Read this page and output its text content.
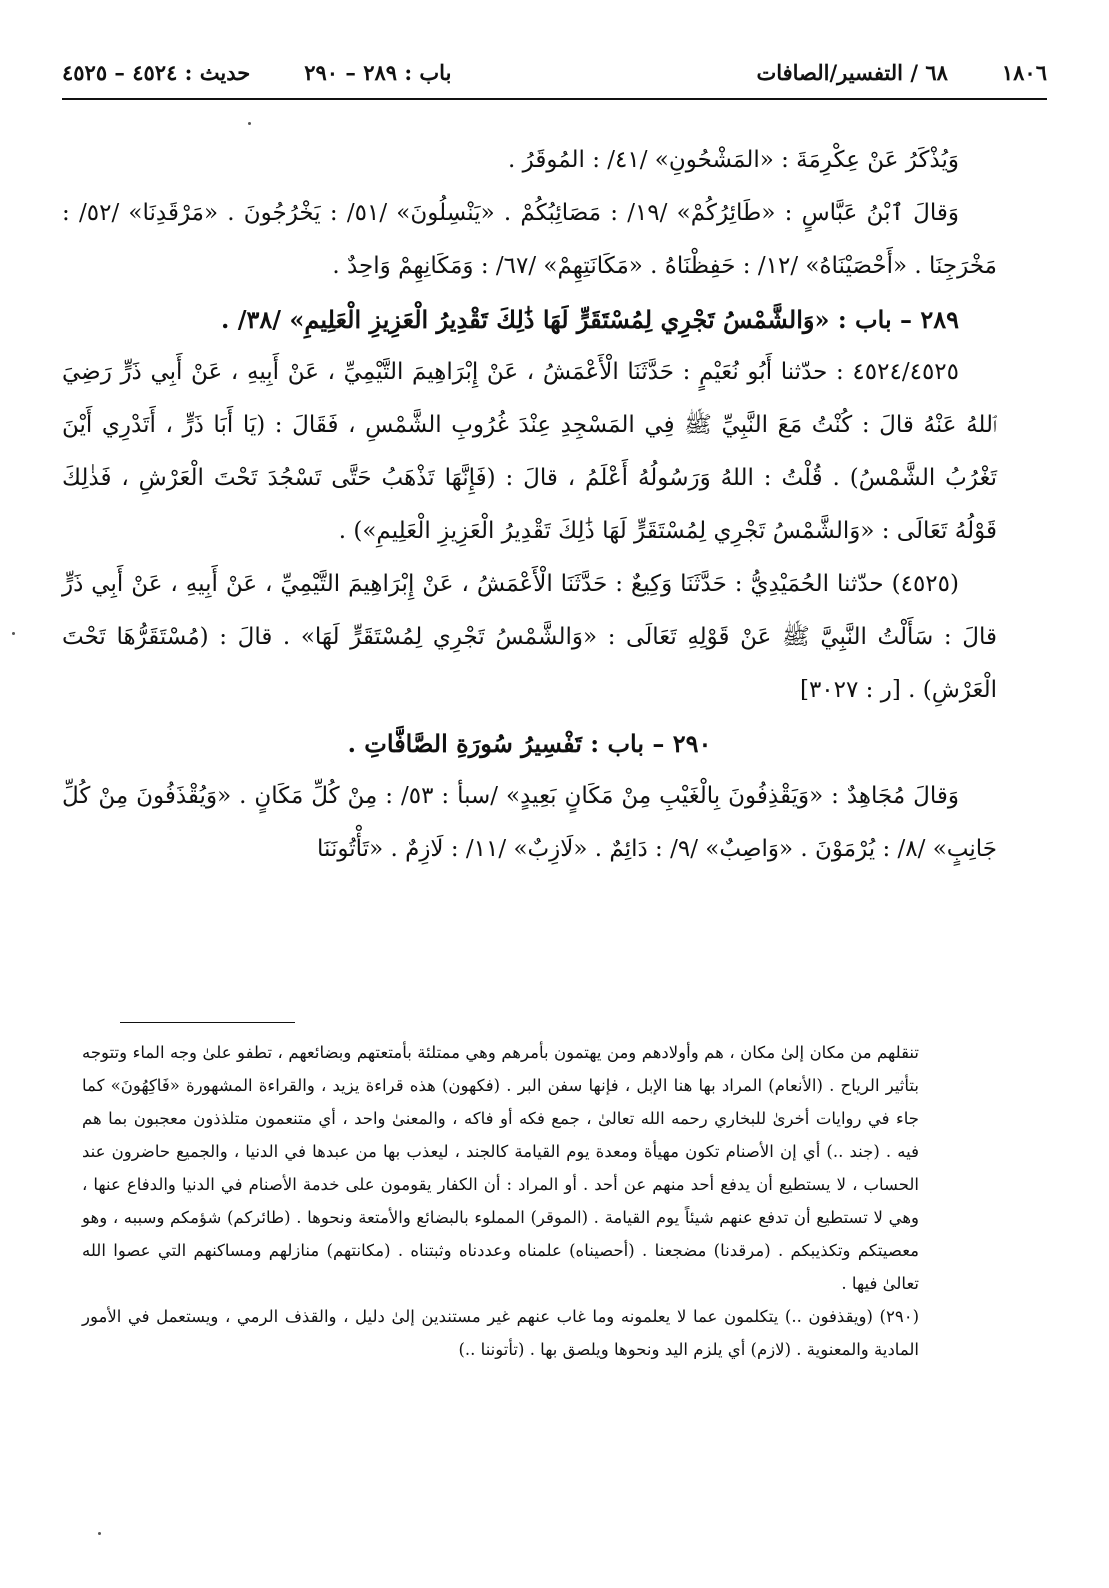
١٨٠٦
٦٨ / التفسير/الصافات
باب : ٢٨٩ – ٢٩٠
حديث : ٤٥٢٤ – ٤٥٢٥

وَيُذْكَرُ عَنْ عِكْرِمَةَ : «المَشْحُونِ» /٤١/ : المُوقَرُ .

وَقالَ ٱبْنُ عَبَّاسٍ : «طَائِرُكُمْ» /١٩/ : مَصَائِبُكُمْ . «يَنْسِلُونَ» /٥١/ : يَخْرُجُونَ . «مَرْقَدِنَا» /٥٢/ : مَخْرَجِنَا . «أَحْصَيْنَاهُ» /١٢/ : حَفِظْنَاهُ . «مَكَانَتِهِمْ» /٦٧/ : وَمَكَانِهِمْ وَاحِدٌ .

٢٨٩ – باب : «وَالشَّمْسُ تَجْرِي لِمُسْتَقَرٍّ لَهَا ذَٰلِكَ تَقْدِيرُ الْعَزِيزِ الْعَلِيمِ» /٣٨/ .

٤٥٢٤/٤٥٢٥ : حدّثنا أَبُو نُعَيْمٍ : حَدَّثَنَا الْأَعْمَشُ ، عَنْ إِبْرَاهِيمَ التَّيْمِيِّ ، عَنْ أَبِيهِ ، عَنْ أَبِي ذَرٍّ رَضِيَ ٱللهُ عَنْهُ قالَ : كُنْتُ مَعَ النَّبِيِّ ﷺ فِي المَسْجِدِ عِنْدَ غُرُوبِ الشَّمْسِ ، فَقَالَ : (يَا أَبَا ذَرٍّ ، أَتَدْرِي أَيْنَ تَغْرُبُ الشَّمْسُ) . قُلْتُ : اللهُ وَرَسُولُهُ أَعْلَمُ ، قالَ : (فَإِنَّهَا تَذْهَبُ حَتَّى تَسْجُدَ تَحْتَ الْعَرْشِ ، فَذٰلِكَ قَوْلُهُ تَعَالَى : «وَالشَّمْسُ تَجْرِي لِمُسْتَقَرٍّ لَهَا ذَٰلِكَ تَقْدِيرُ الْعَزِيزِ الْعَلِيمِ») .

(٤٥٢٥) حدّثنا الحُمَيْدِيُّ : حَدَّثَنَا وَكِيعٌ : حَدَّثَنَا الْأَعْمَشُ ، عَنْ إِبْرَاهِيمَ التَّيْمِيِّ ، عَنْ أَبِيهِ ، عَنْ أَبِي ذَرٍّ قالَ : سَأَلْتُ النَّبِيَّ ﷺ عَنْ قَوْلِهِ تَعَالَى : «وَالشَّمْسُ تَجْرِي لِمُسْتَقَرٍّ لَهَا» . قالَ : (مُسْتَقَرُّهَا تَحْتَ الْعَرْشِ) . [ر : ٣٠٢٧]

٢٩٠ – باب : تَفْسِيرُ سُورَةِ الصَّافَّاتِ .

وَقالَ مُجَاهِدٌ : «وَيَقْذِفُونَ بِالْغَيْبِ مِنْ مَكَانٍ بَعِيدٍ» /سبأ : ٥٣/ : مِنْ كُلِّ مَكَانٍ . «وَيُقْذَفُونَ مِنْ كُلِّ جَانِبٍ» /٨/ : يُرْمَوْنَ . «وَاصِبٌ» /٩/ : دَائِمٌ . «لَازِبٌ» /١١/ : لَازِمٌ . «تَأْتُونَنَا

تنقلهم من مكان إلىٰ مكان ، هم وأولادهم ومن يهتمون بأمرهم وهي ممتلئة بأمتعتهم وبضائعهم ، تطفو علىٰ وجه الماء وتتوجه بتأثير الرياح . (الأنعام) المراد بها هنا الإبل ، فإنها سفن البر . (فكهون) هذه قراءة يزيد ، والقراءة المشهورة «فَاكِهُونَ» كما جاء في روايات أخرىٰ للبخاري رحمه الله تعالىٰ ، جمع فكه أو فاكه ، والمعنىٰ واحد ، أي متنعمون متلذذون معجبون بما هم فيه . (جند ..) أي إن الأصنام تكون مهيأة ومعدة يوم القيامة كالجند ، ليعذب بها من عبدها في الدنيا ، والجميع حاضرون عند الحساب ، لا يستطيع أن يدفع أحد منهم عن أحد . أو المراد : أن الكفار يقومون على خدمة الأصنام في الدنيا والدفاع عنها ، وهي لا تستطيع أن تدفع عنهم شيئاً يوم القيامة . (الموقر) المملوء بالبضائع والأمتعة ونحوها . (طائركم) شؤمكم وسببه ، وهو معصيتكم وتكذيبكم . (مرقدنا) مضجعنا . (أحصيناه) علمناه وعددناه وثبتناه . (مكانتهم) منازلهم ومساكنهم التي عصوا الله تعالىٰ فيها .

(٢٩٠) (ويقذفون ..) يتكلمون عما لا يعلمونه وما غاب عنهم غير مستندين إلىٰ دليل ، والقذف الرمي ، ويستعمل في الأمور المادية والمعنوية . (لازم) أي يلزم اليد ونحوها ويلصق بها . (تأتوننا ..)
